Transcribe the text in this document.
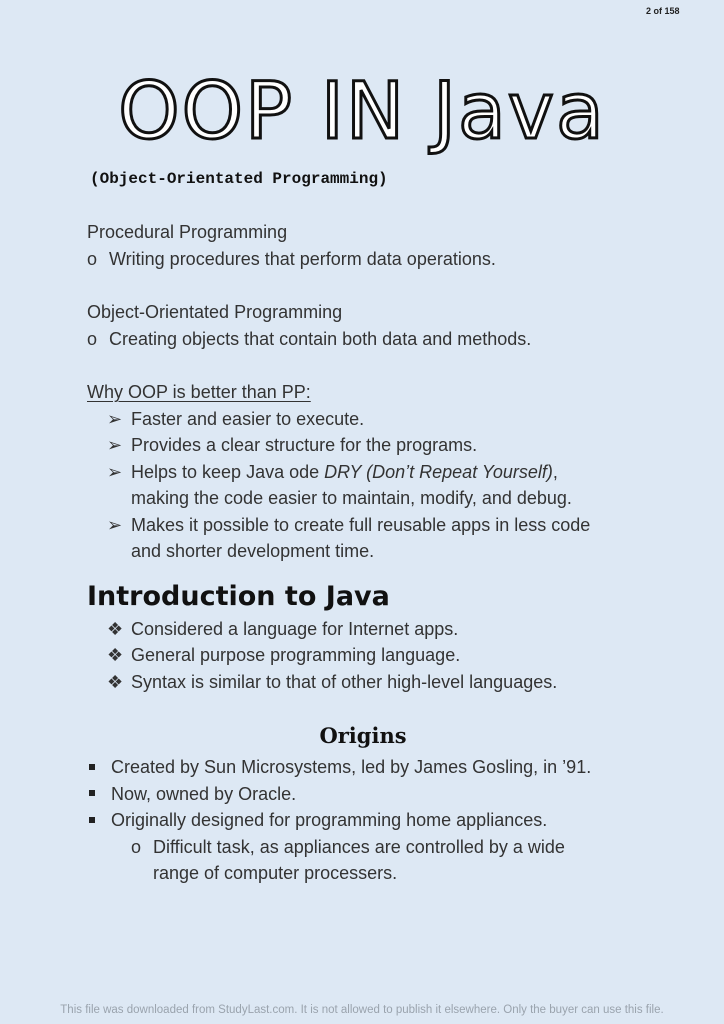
2 of 158
OOP IN Java
(Object-Orientated Programming)
Procedural Programming
o Writing procedures that perform data operations.
Object-Orientated Programming
o Creating objects that contain both data and methods.
Why OOP is better than PP:
➢ Faster and easier to execute.
➢ Provides a clear structure for the programs.
➢ Helps to keep Java ode DRY (Don’t Repeat Yourself),
making the code easier to maintain, modify, and debug.
➢ Makes it possible to create full reusable apps in less code
and shorter development time.
Introduction to Java
❖ Considered a language for Internet apps.
❖ General purpose programming language.
❖ Syntax is similar to that of other high-level languages.
Origins
Created by Sun Microsystems, led by James Gosling, in ’91.
Now, owned by Oracle.
Originally designed for programming home appliances.
o Difficult task, as appliances are controlled by a wide
range of computer processers.
This file was downloaded from StudyLast.com. It is not allowed to publish it elsewhere. Only the buyer can use this file.
